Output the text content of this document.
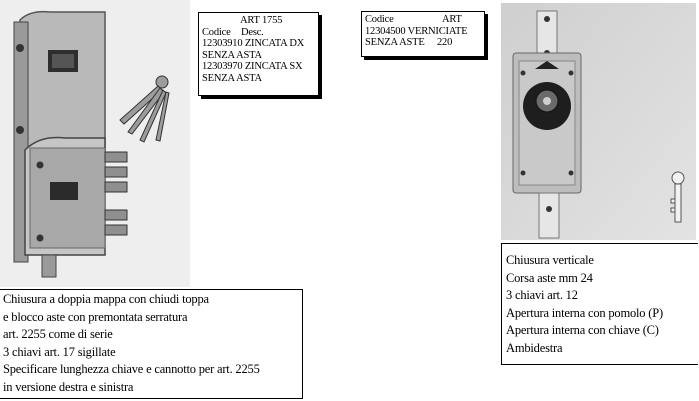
ART 1755
Codice Desc.
12303910 ZINCATA DX
SENZA ASTA
12303970 ZINCATA SX
SENZA ASTA
Codice	ART
12304500 VERNICIATE
SENZA ASTE 220
Chiusura a doppia mappa con chiudi toppa
e blocco aste con premontata serratura
art. 2255 come di serie
3 chiavi art. 17 sigillate
Specificare lunghezza chiave e cannotto per art. 2255
in versione destra e sinistra
Chiusura verticale
Corsa aste mm 24
3 chiavi art. 12
Apertura interna con pomolo (P)
Apertura interna con chiave (C)
Ambidestra
